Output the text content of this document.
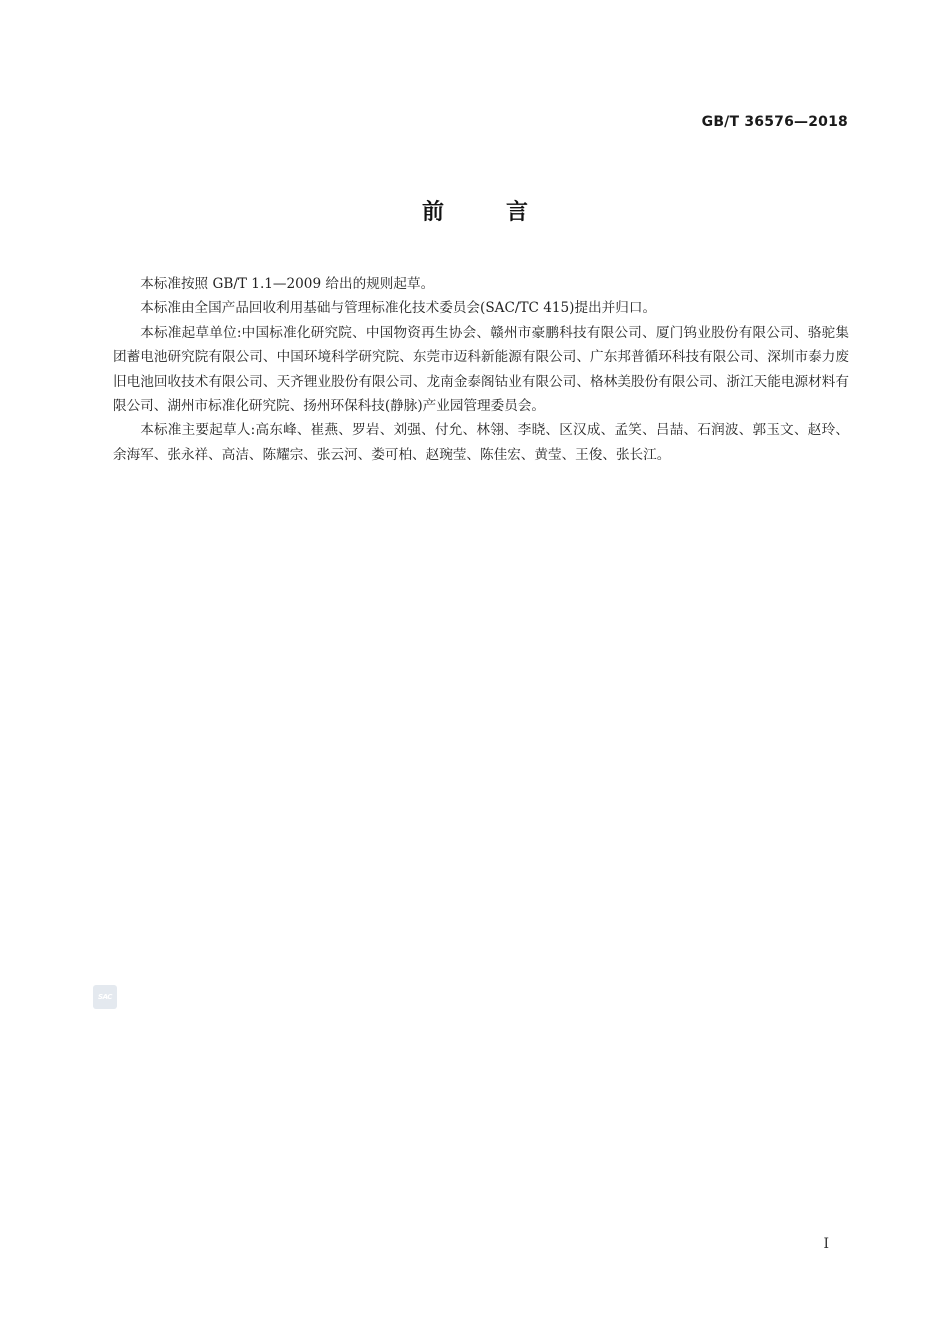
GB/T 36576—2018
前言

本标准按照 GB/T 1.1—2009 给出的规则起草。

本标准由全国产品回收利用基础与管理标准化技术委员会(SAC/TC 415)提出并归口。

本标准起草单位:中国标准化研究院、中国物资再生协会、赣州市豪鹏科技有限公司、厦门钨业股份有限公司、骆驼集团蓄电池研究院有限公司、中国环境科学研究院、东莞市迈科新能源有限公司、广东邦普循环科技有限公司、深圳市泰力废旧电池回收技术有限公司、天齐锂业股份有限公司、龙南金泰阁钴业有限公司、格林美股份有限公司、浙江天能电源材料有限公司、湖州市标准化研究院、扬州环保科技(静脉)产业园管理委员会。

本标准主要起草人:高东峰、崔燕、罗岩、刘强、付允、林翎、李晓、区汉成、孟笑、吕喆、石润波、郭玉文、赵玲、余海军、张永祥、高洁、陈耀宗、张云河、娄可柏、赵琬莹、陈佳宏、黄莹、王俊、张长江。

SAC
I
